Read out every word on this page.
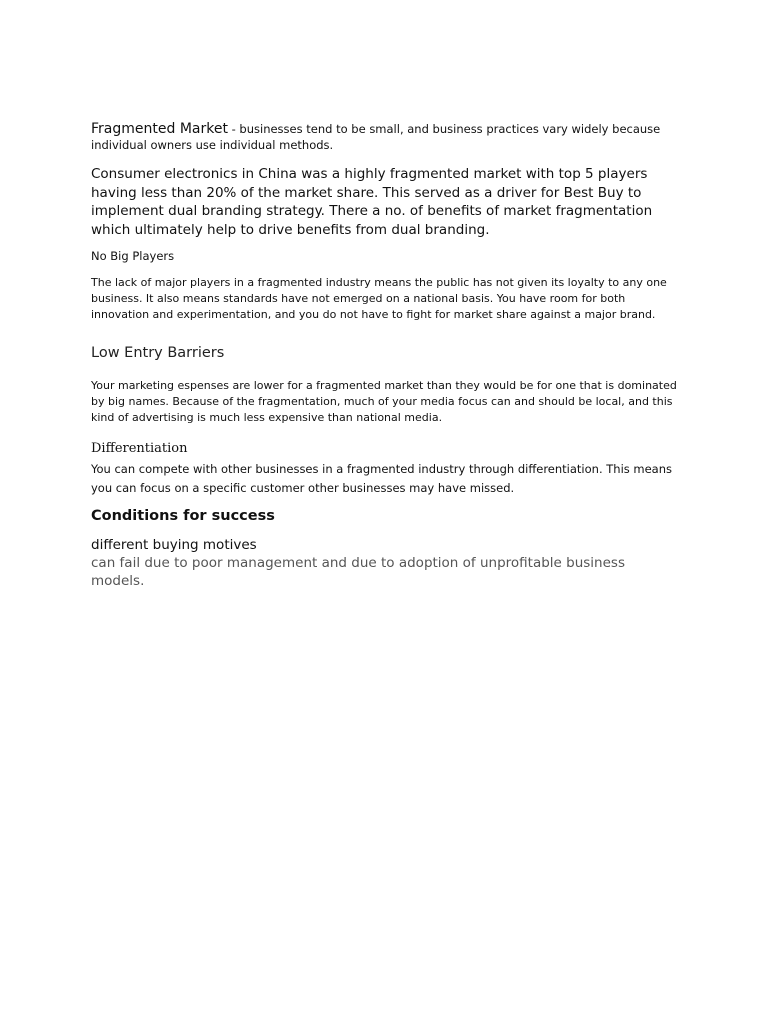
Fragmented Market - businesses tend to be small, and business practices vary widely because individual owners use individual methods.

Consumer electronics in China was a highly fragmented market with top 5 players having less than 20% of the market share. This served as a driver for Best Buy to implement dual branding strategy. There a no. of benefits of market fragmentation which ultimately help to drive benefits from dual branding.

No Big Players

The lack of major players in a fragmented industry means the public has not given its loyalty to any one business. It also means standards have not emerged on a national basis. You have room for both innovation and experimentation, and you do not have to fight for market share against a major brand.

Low Entry Barriers

Your marketing espenses are lower for a fragmented market than they would be for one that is dominated by big names. Because of the fragmentation, much of your media focus can and should be local, and this kind of advertising is much less expensive than national media.

Differentiation

You can compete with other businesses in a fragmented industry through differentiation. This means you can focus on a specific customer other businesses may have missed.

Conditions for success

different buying motives

can fail due to poor management and due to adoption of unprofitable business models.
